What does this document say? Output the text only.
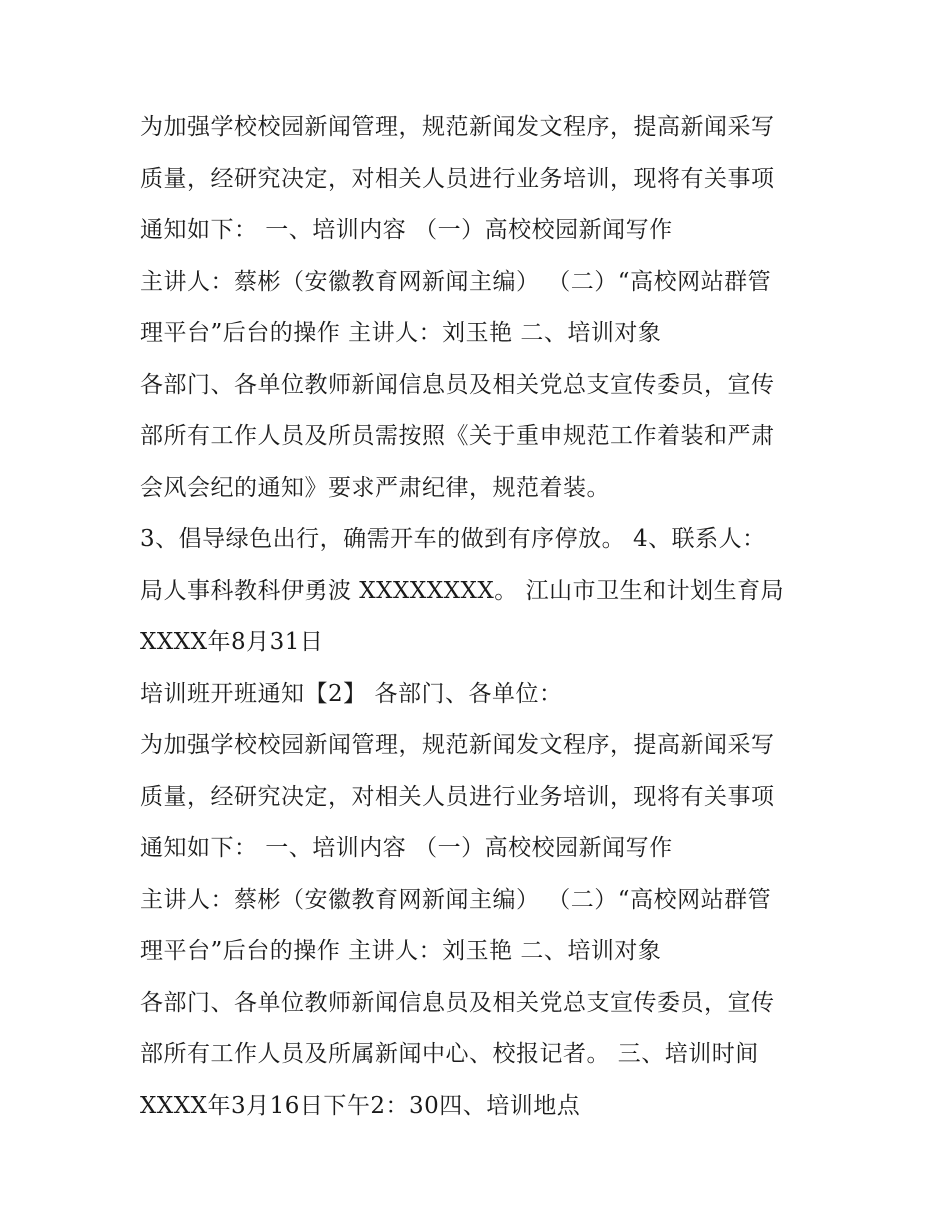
为加强学校校园新闻管理，规范新闻发文程序，提高新闻采写
质量，经研究决定，对相关人员进行业务培训，现将有关事项
通知如下： 一、培训内容 （一）高校校园新闻写作
主讲人：蔡彬（安徽教育网新闻主编） （二）“高校网站群管
理平台”后台的操作 主讲人：刘玉艳 二、培训对象
各部门、各单位教师新闻信息员及相关党总支宣传委员，宣传
部所有工作人员及所员需按照《关于重申规范工作着装和严肃
会风会纪的通知》要求严肃纪律，规范着装。
3、倡导绿色出行，确需开车的做到有序停放。 4、联系人：
局人事科教科伊勇波 XXXXXXXX。 江山市卫生和计划生育局
XXXX年8月31日
培训班开班通知【2】 各部门、各单位：
为加强学校校园新闻管理，规范新闻发文程序，提高新闻采写
质量，经研究决定，对相关人员进行业务培训，现将有关事项
通知如下： 一、培训内容 （一）高校校园新闻写作
主讲人：蔡彬（安徽教育网新闻主编） （二）“高校网站群管
理平台”后台的操作 主讲人：刘玉艳 二、培训对象
各部门、各单位教师新闻信息员及相关党总支宣传委员，宣传
部所有工作人员及所属新闻中心、校报记者。 三、培训时间
XXXX年3月16日下午2：30四、培训地点
